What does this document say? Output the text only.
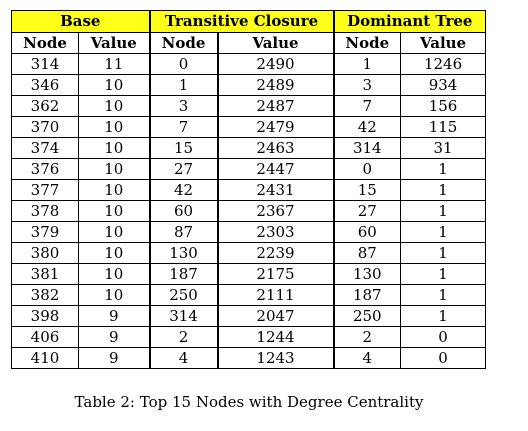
Base		Transitive Closure		Dominant Tree	
Node	Value	Node	Value	Node	Value
314	11	0	2490	1	1246
346	10	1	2489	3	934
362	10	3	2487	7	156
370	10	7	2479	42	115
374	10	15	2463	314	31
376	10	27	2447	0	1
377	10	42	2431	15	1
378	10	60	2367	27	1
379	10	87	2303	60	1
380	10	130	2239	87	1
381	10	187	2175	130	1
382	10	250	2111	187	1
398	9	314	2047	250	1
406	9	2	1244	2	0
410	9	4	1243	4	0
Table 2: Top 15 Nodes with Degree Centrality
